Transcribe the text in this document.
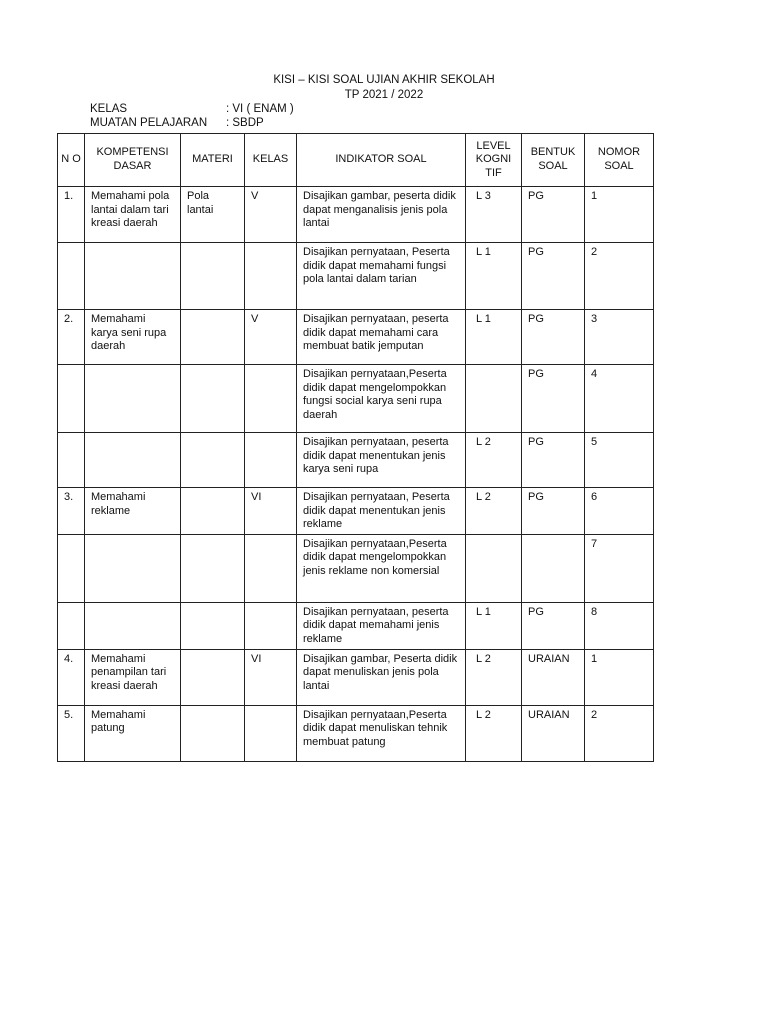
KISI – KISI SOAL UJIAN AKHIR SEKOLAH
TP 2021 / 2022
KELAS	: VI ( ENAM )
MUATAN PELAJARAN : SBDP
N O	KOMPETENSI DASAR	MATERI	KELAS	INDIKATOR SOAL	LEVEL KOGNI TIF	BENTUK SOAL	NOMOR SOAL
1.	Memahami pola lantai dalam tari kreasi daerah	Pola lantai	V	Disajikan gambar, peserta didik dapat menganalisis jenis pola lantai	L 3	PG	1
				Disajikan pernyataan, Peserta didik dapat memahami fungsi pola lantai dalam tarian	L 1	PG	2
2.	Memahami karya seni rupa daerah		V	Disajikan pernyataan, peserta didik dapat memahami cara membuat batik jemputan	L 1	PG	3
				Disajikan pernyataan,Peserta didik dapat mengelompokkan fungsi social karya seni rupa daerah		PG	4
				Disajikan pernyataan, peserta didik dapat menentukan jenis karya seni rupa	L 2	PG	5
3.	Memahami reklame		VI	Disajikan pernyataan, Peserta didik dapat menentukan jenis reklame	L 2	PG	6
				Disajikan pernyataan,Peserta didik dapat mengelompokkan jenis reklame non komersial			7
				Disajikan pernyataan, peserta didik dapat memahami jenis reklame	L 1	PG	8
4.	Memahami penampilan tari kreasi daerah		VI	Disajikan gambar, Peserta didik dapat menuliskan jenis pola lantai	L 2	URAIAN	1
5.	Memahami patung			Disajikan pernyataan,Peserta didik dapat menuliskan tehnik membuat patung	L 2	URAIAN	2
